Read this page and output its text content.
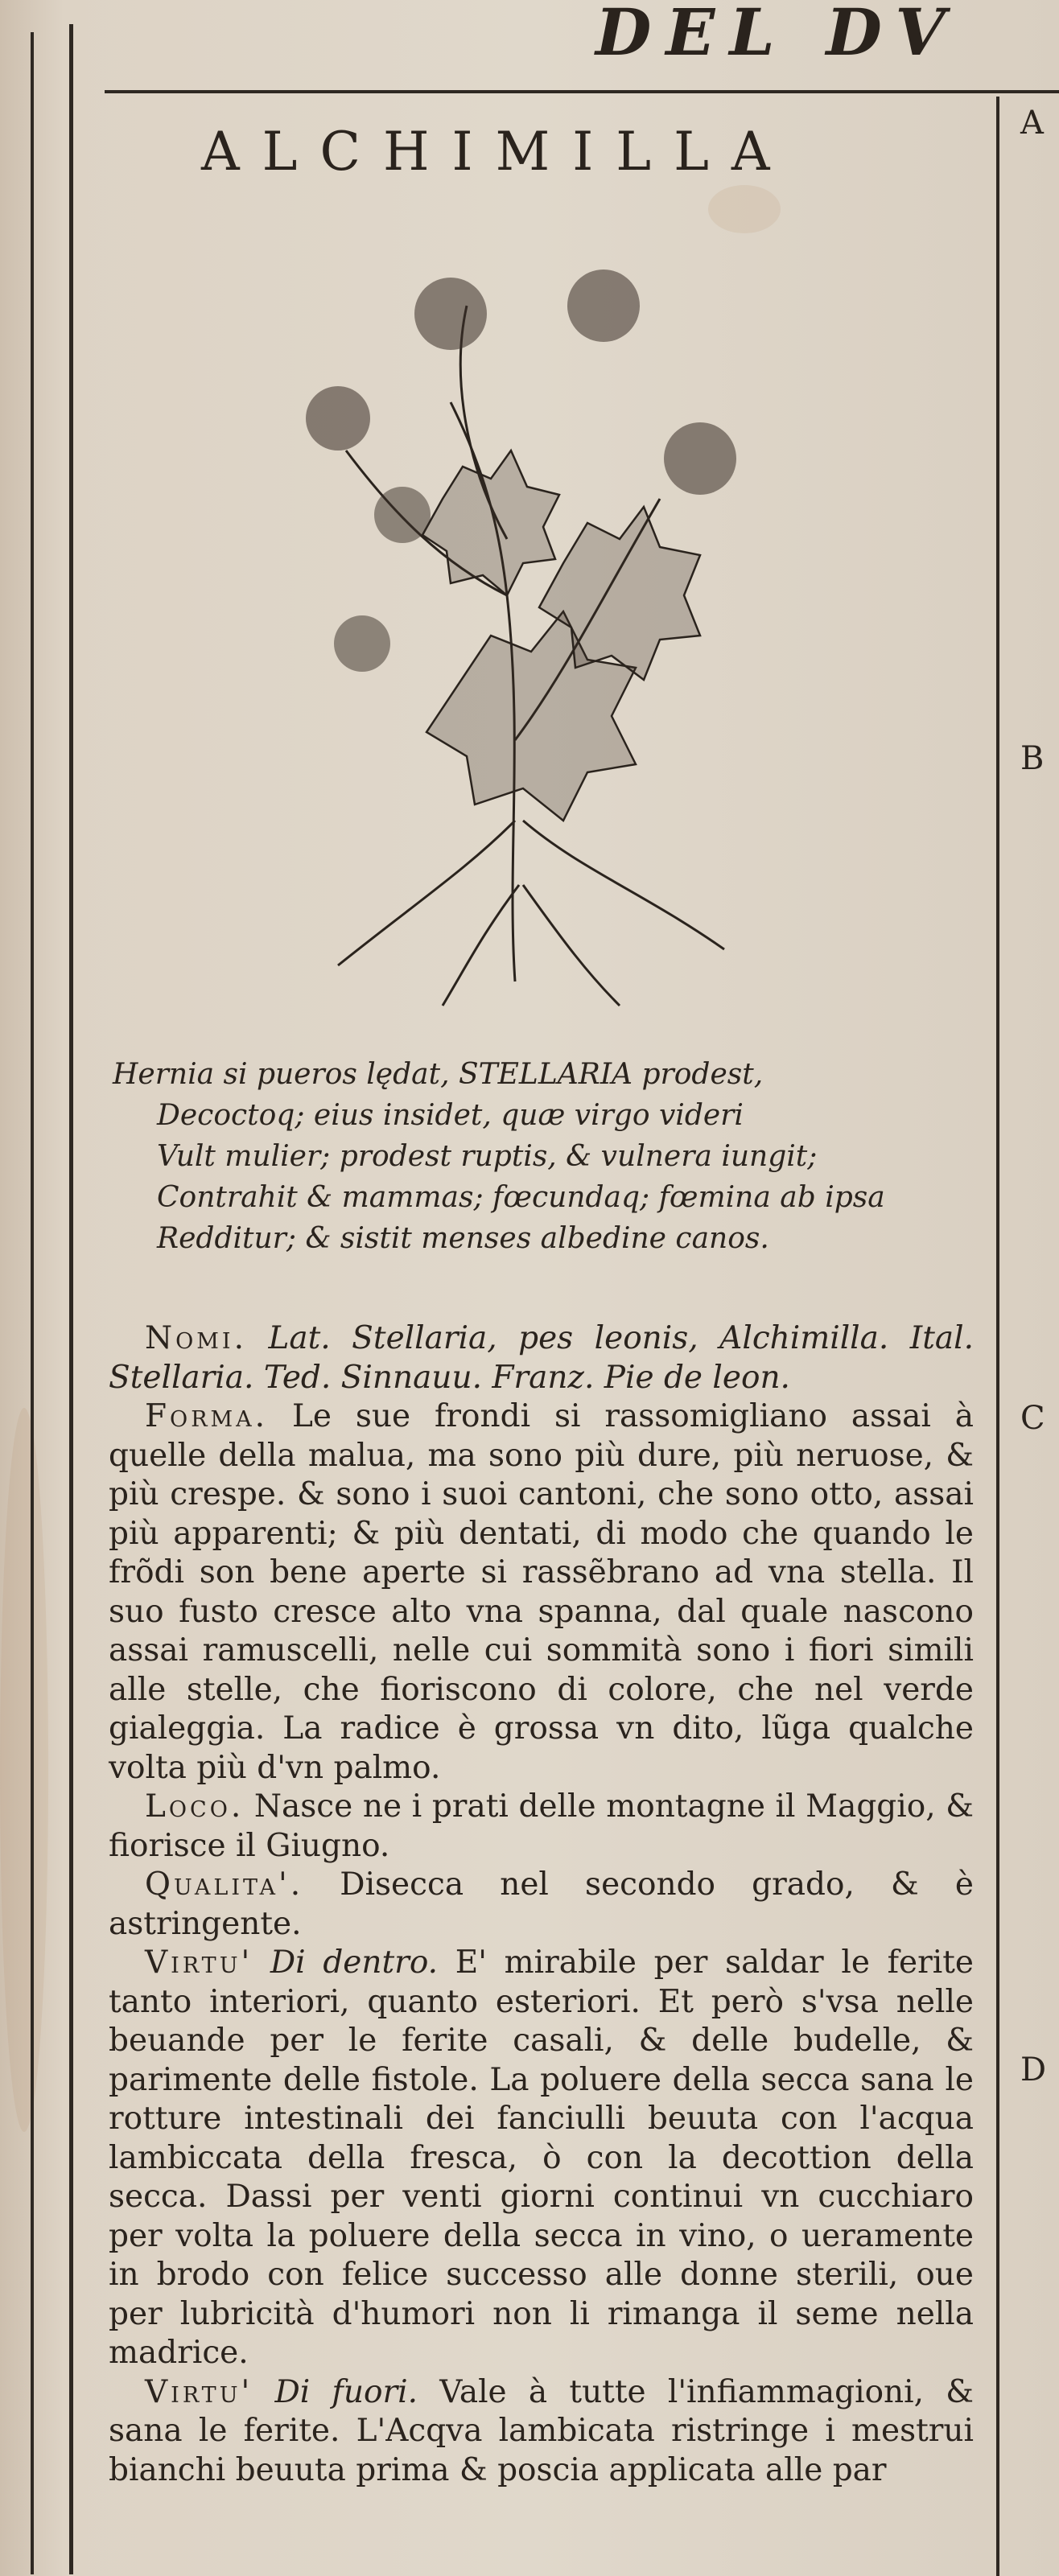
DEL DV
ALCHIMILLA	A
B
C
D
Hernia si pueros lędat, STELLARIA prodest,
Decoctoq; eius insidet, quæ virgo videri
Vult mulier; prodest ruptis, & vulnera iungit;
Contrahit & mammas; fœcundaq; fœmina ab ipsa
Redditur; & sistit menses albedine canos.

Nomi. Lat. Stellaria, pes leonis, Alchimilla. Ital. Stellaria. Ted. Sinnauu. Franz. Pie de leon.

Forma. Le sue frondi si rassomigliano assai à quelle della malua, ma sono più dure, più neruose, & più crespe. & sono i suoi cantoni, che sono otto, assai più apparenti; & più dentati, di modo che quando le frõdi son bene aperte si rassẽbrano ad vna stella. Il suo fusto cresce alto vna spanna, dal quale nascono assai ramuscelli, nelle cui sommità sono i fiori simili alle stelle, che fioriscono di colore, che nel verde gialeggia. La radice è grossa vn dito, lũga qualche volta più d'vn palmo.

Loco. Nasce ne i prati delle montagne il Maggio, & fiorisce il Giugno.

Qualita'. Disecca nel secondo grado, & è astringente.

Virtu' Di dentro. E' mirabile per saldar le ferite tanto interiori, quanto esteriori. Et però s'vsa nelle beuande per le ferite casali, & delle budelle, & parimente delle fistole. La poluere della secca sana le rotture intestinali dei fanciulli beuuta con l'acqua lambiccata della fresca, ò con la decottion della secca. Dassi per venti giorni continui vn cucchiaro per volta la poluere della secca in vino, o ueramente in brodo con felice successo alle donne sterili, oue per lubricità d'humori non li rimanga il seme nella madrice.

Virtu' Di fuori. Vale à tutte l'infiammagioni, & sana le ferite. L'Acqva lambicata ristringe i mestrui bianchi beuuta prima & poscia applicata alle par
